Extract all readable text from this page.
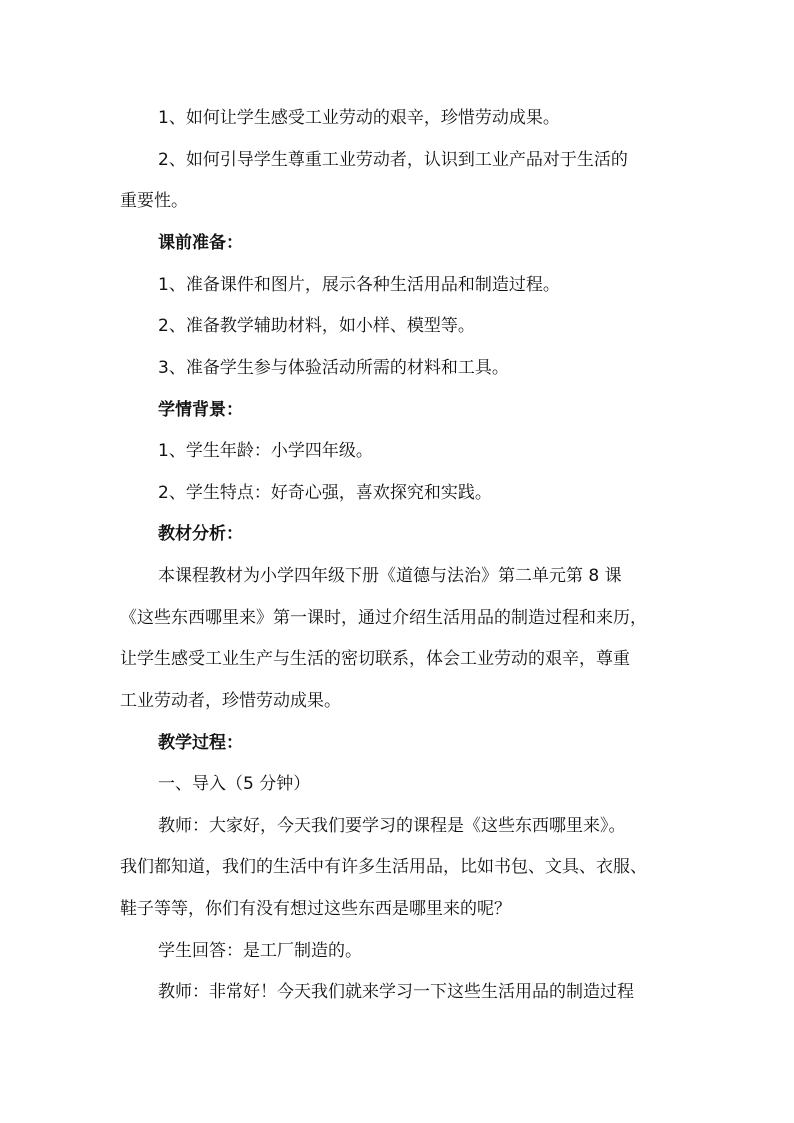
1、如何让学生感受工业劳动的艰辛，珍惜劳动成果。
2、如何引导学生尊重工业劳动者，认识到工业产品对于生活的
重要性。
课前准备：
1、准备课件和图片，展示各种生活用品和制造过程。
2、准备教学辅助材料，如小样、模型等。
3、准备学生参与体验活动所需的材料和工具。
学情背景：
1、学生年龄：小学四年级。
2、学生特点：好奇心强，喜欢探究和实践。
教材分析：
本课程教材为小学四年级下册《道德与法治》第二单元第 8 课
《这些东西哪里来》第一课时，通过介绍生活用品的制造过程和来历，
让学生感受工业生产与生活的密切联系，体会工业劳动的艰辛，尊重
工业劳动者，珍惜劳动成果。
教学过程：
一、导入（5 分钟）
教师：大家好，今天我们要学习的课程是《这些东西哪里来》。
我们都知道，我们的生活中有许多生活用品，比如书包、文具、衣服、
鞋子等等，你们有没有想过这些东西是哪里来的呢？
学生回答：是工厂制造的。
教师：非常好！今天我们就来学习一下这些生活用品的制造过程
